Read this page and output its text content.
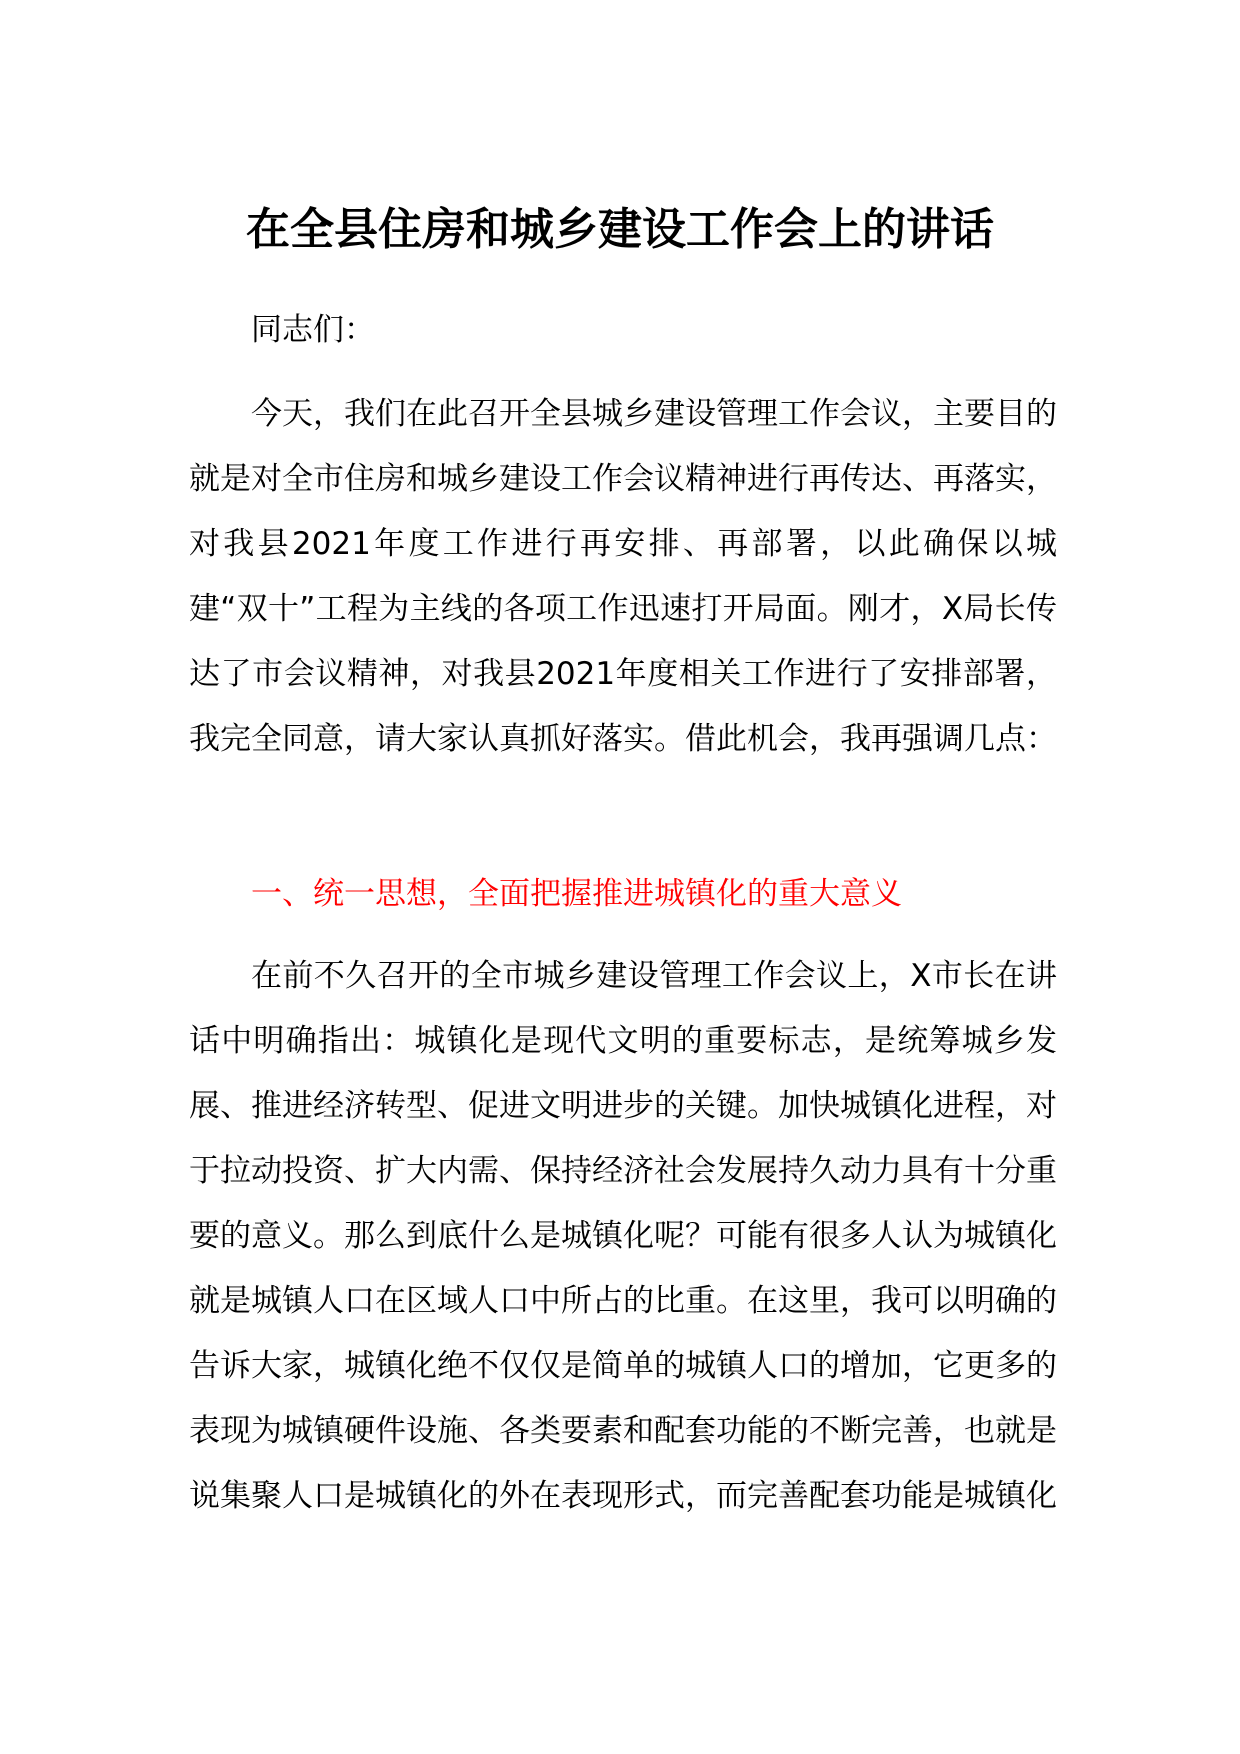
在全县住房和城乡建设工作会上的讲话

同志们：

今天，我们在此召开全县城乡建设管理工作会议，主要目的就是对全市住房和城乡建设工作会议精神进行再传达、再落实，对我县2021年度工作进行再安排、再部署，以此确保以城建“双十”工程为主线的各项工作迅速打开局面。刚才，X局长传达了市会议精神，对我县2021年度相关工作进行了安排部署，我完全同意，请大家认真抓好落实。借此机会，我再强调几点：

一、统一思想，全面把握推进城镇化的重大意义

在前不久召开的全市城乡建设管理工作会议上，X市长在讲话中明确指出：城镇化是现代文明的重要标志，是统筹城乡发展、推进经济转型、促进文明进步的关键。加快城镇化进程，对于拉动投资、扩大内需、保持经济社会发展持久动力具有十分重要的意义。那么到底什么是城镇化呢？可能有很多人认为城镇化就是城镇人口在区域人口中所占的比重。在这里，我可以明确的告诉大家，城镇化绝不仅仅是简单的城镇人口的增加，它更多的表现为城镇硬件设施、各类要素和配套功能的不断完善，也就是说集聚人口是城镇化的外在表现形式，而完善配套功能是城镇化
